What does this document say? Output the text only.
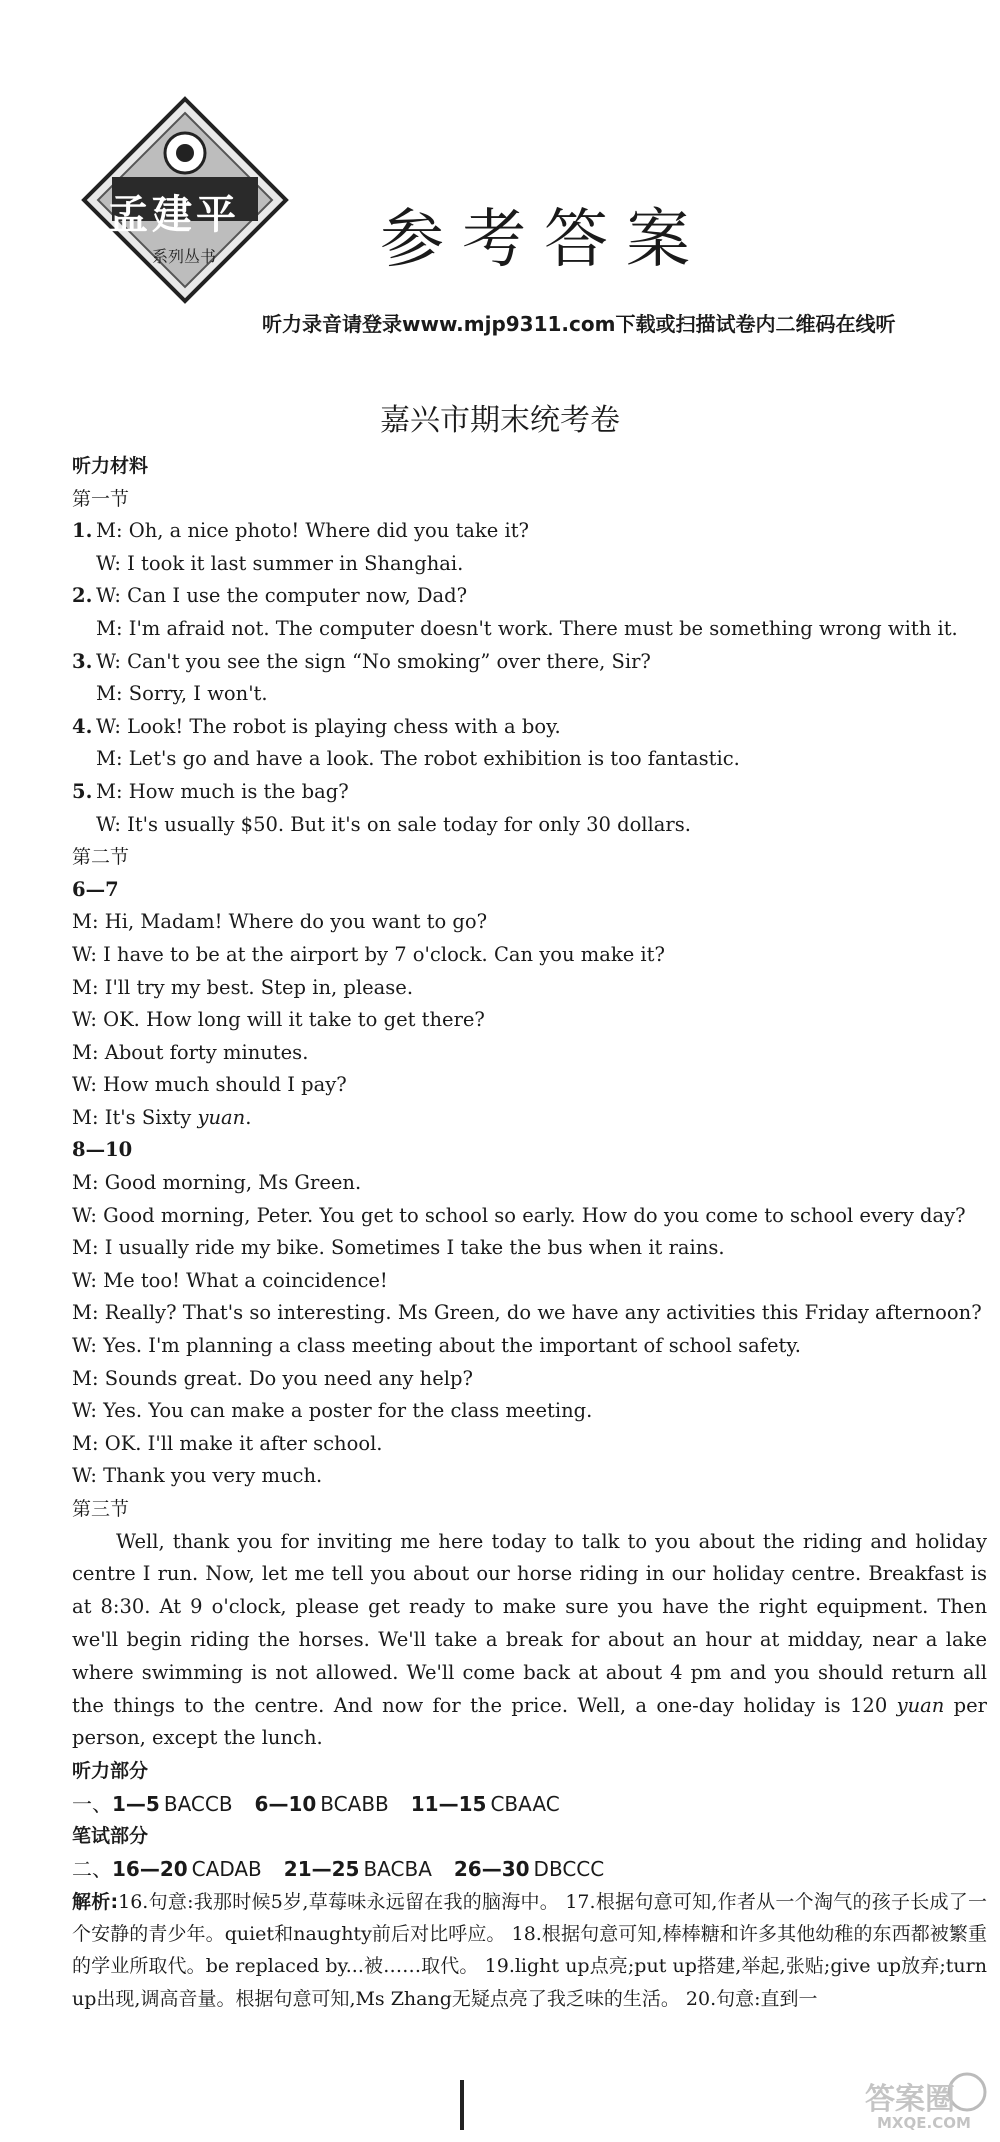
孟建平
系列丛书	参考答案
听力录音请登录www.mjp9311.com下载或扫描试卷内二维码在线听
嘉兴市期末统考卷
听力材料
第一节
1. M: Oh, a nice photo! Where did you take it?
W: I took it last summer in Shanghai.
2. W: Can I use the computer now, Dad?
M: I'm afraid not. The computer doesn't work. There must be something wrong with it.
3. W: Can't you see the sign “No smoking” over there, Sir?
M: Sorry, I won't.
4. W: Look! The robot is playing chess with a boy.
M: Let's go and have a look. The robot exhibition is too fantastic.
5. M: How much is the bag?
W: It's usually $50. But it's on sale today for only 30 dollars.
第二节
6—7
M: Hi, Madam! Where do you want to go?
W: I have to be at the airport by 7 o'clock. Can you make it?
M: I'll try my best. Step in, please.
W: OK. How long will it take to get there?
M: About forty minutes.
W: How much should I pay?
M: It's Sixty yuan.
8—10
M: Good morning, Ms Green.
W: Good morning, Peter. You get to school so early. How do you come to school every day?
M: I usually ride my bike. Sometimes I take the bus when it rains.
W: Me too! What a coincidence!
M: Really? That's so interesting. Ms Green, do we have any activities this Friday afternoon?
W: Yes. I'm planning a class meeting about the important of school safety.
M: Sounds great. Do you need any help?
W: Yes. You can make a poster for the class meeting.
M: OK. I'll make it after school.
W: Thank you very much.
第三节
Well, thank you for inviting me here today to talk to you about the riding and holiday centre I run. Now, let me tell you about our horse riding in our holiday centre. Breakfast is at 8:30. At 9 o'clock, please get ready to make sure you have the right equipment. Then we'll begin riding the horses. We'll take a break for about an hour at midday, near a lake where swimming is not allowed. We'll come back at about 4 pm and you should return all the things to the centre. And now for the price. Well, a one-day holiday is 120 yuan per person, except the lunch.
听力部分
一、1—5 BACCB 6—10 BCABB 11—15 CBAAC
笔试部分
二、16—20 CADAB 21—25 BACBA 26—30 DBCCC
解析:16.句意:我那时候5岁,草莓味永远留在我的脑海中。 17.根据句意可知,作者从一个淘气的孩子长成了一个安静的青少年。quiet和naughty前后对比呼应。 18.根据句意可知,棒棒糖和许多其他幼稚的东西都被繁重的学业所取代。be replaced by...被……取代。 19.light up点亮;put up搭建,举起,张贴;give up放弃;turn up出现,调高音量。根据句意可知,Ms Zhang无疑点亮了我乏味的生活。 20.句意:直到一
答案圈
MXQE.COM
